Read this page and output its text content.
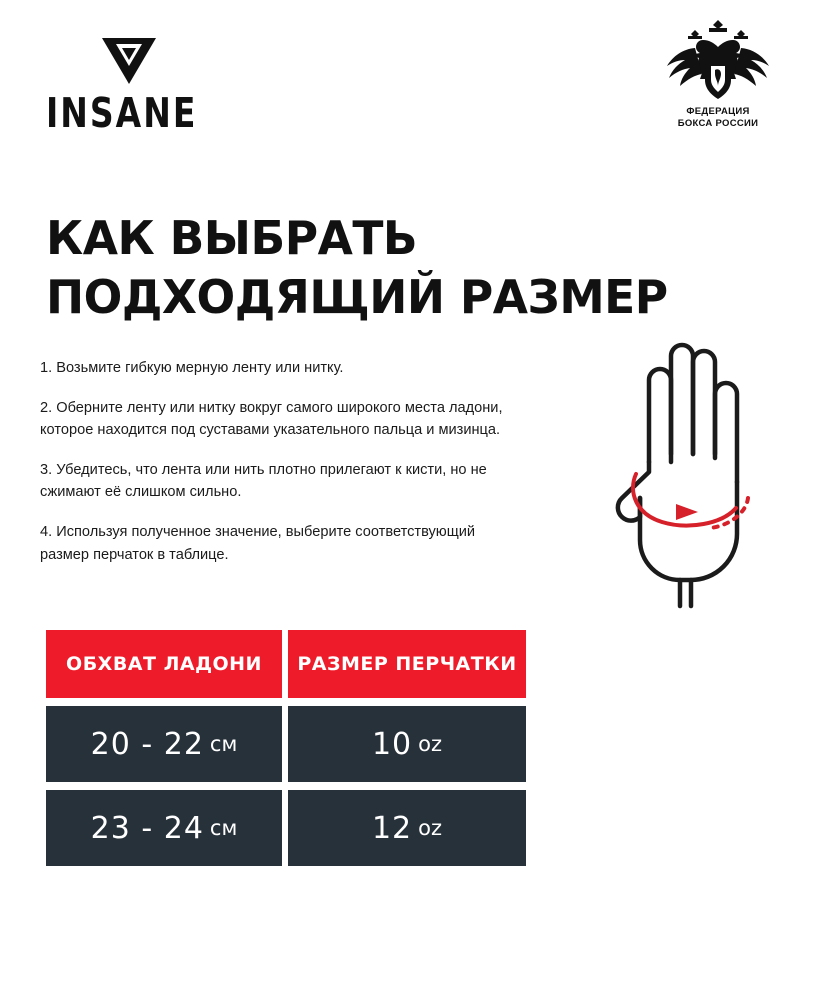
INSANE	ФЕДЕРАЦИЯ
БОКСА РОССИИ
КАК ВЫБРАТЬ
ПОДХОДЯЩИЙ РАЗМЕР

1. Возьмите гибкую мерную ленту или нитку.

2. Оберните ленту или нитку вокруг самого широкого места ладони, которое находится под суставами указательного пальца и мизинца.

3. Убедитесь, что лента или нить плотно прилегают к кисти, но не сжимают её слишком сильно.

4. Используя полученное значение, выберите соответствующий размер перчаток в таблице.

ОБХВАТ ЛАДОНИ	РАЗМЕР ПЕРЧАТКИ
20 - 22 см	10 oz
23 - 24 см	12 oz
